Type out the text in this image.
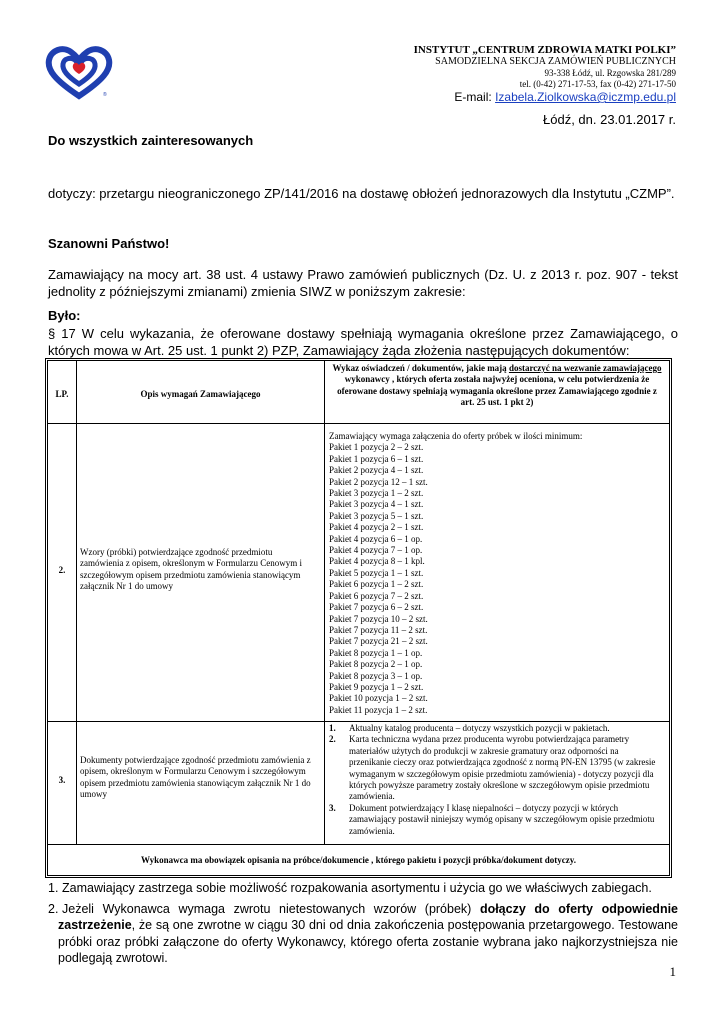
®
INSTYTUT „CENTRUM ZDROWIA MATKI POLKI”
SAMODZIELNA SEKCJA ZAMÓWIEŃ PUBLICZNYCH
93-338 Łódź, ul. Rzgowska 281/289
tel. (0-42) 271-17-53, fax (0-42) 271-17-50
E-mail: Izabela.Ziolkowska@iczmp.edu.pl
Łódź, dn. 23.01.2017 r.
Do wszystkich zainteresowanych
dotyczy: przetargu nieograniczonego ZP/141/2016 na dostawę obłożeń jednorazowych dla Instytutu „CZMP”.
Szanowni Państwo!
Zamawiający na mocy art. 38 ust. 4 ustawy Prawo zamówień publicznych (Dz. U. z 2013 r. poz. 907 - tekst jednolity z późniejszymi zmianami) zmienia SIWZ w poniższym zakresie:
Było:
§ 17 W celu wykazania, że oferowane dostawy spełniają wymagania określone przez Zamawiającego, o których mowa w Art. 25 ust. 1 punkt 2) PZP, Zamawiający żąda złożenia następujących dokumentów:
LP.	Opis wymagań Zamawiającego
Wykaz oświadczeń / dokumentów, jakie mają dostarczyć na wezwanie zamawiającego wykonawcy , których oferta została najwyżej oceniona, w celu potwierdzenia że oferowane dostawy spełniają wymagania określone przez Zamawiającego zgodnie z
art. 25 ust. 1 pkt 2)
2.
Wzory (próbki) potwierdzające zgodność przedmiotu zamówienia z opisem, określonym w Formularzu Cenowym i szczegółowym opisem przedmiotu zamówienia stanowiącym załącznik Nr 1 do umowy
Zamawiający wymaga załączenia do oferty próbek w ilości minimum:
Pakiet 1 pozycja 2 – 2 szt.
Pakiet 1 pozycja 6 – 1 szt.
Pakiet 2 pozycja 4 – 1 szt.
Pakiet 2 pozycja 12 – 1 szt.
Pakiet 3 pozycja 1 – 2 szt.
Pakiet 3 pozycja 4 – 1 szt.
Pakiet 3 pozycja 5 – 1 szt.
Pakiet 4 pozycja 2 – 1 szt.
Pakiet 4 pozycja 6 – 1 op.
Pakiet 4 pozycja 7 – 1 op.
Pakiet 4 pozycja 8 – 1 kpl.
Pakiet 5 pozycja 1 – 1 szt.
Pakiet 6 pozycja 1 – 2 szt.
Pakiet 6 pozycja 7 – 2 szt.
Pakiet 7 pozycja 6 – 2 szt.
Pakiet 7 pozycja 10 – 2 szt.
Pakiet 7 pozycja 11 – 2 szt.
Pakiet 7 pozycja 21 – 2 szt.
Pakiet 8 pozycja 1 – 1 op.
Pakiet 8 pozycja 2 – 1 op.
Pakiet 8 pozycja 3 – 1 op.
Pakiet 9 pozycja 1 – 2 szt.
Pakiet 10 pozycja 1 – 2 szt.
Pakiet 11 pozycja 1 – 2 szt.
3.
Dokumenty potwierdzające zgodność przedmiotu zamówienia z opisem, określonym w Formularzu Cenowym i szczegółowym opisem przedmiotu zamówienia stanowiącym załącznik Nr 1 do umowy
1. Aktualny katalog producenta – dotyczy wszystkich pozycji w pakietach.
2. Karta techniczna wydana przez producenta wyrobu potwierdzająca parametry materiałów użytych do produkcji w zakresie gramatury oraz odporności na przenikanie cieczy oraz potwierdzająca zgodność z normą PN-EN 13795 (w zakresie wymaganym w szczegółowym opisie przedmiotu zamówienia) - dotyczy pozycji dla których powyższe parametry zostały określone w szczegółowym opisie przedmiotu zamówienia.
3. Dokument potwierdzający I klasę niepalności – dotyczy pozycji w których zamawiający postawił niniejszy wymóg opisany w szczegółowym opisie przedmiotu zamówienia.
Wykonawca ma obowiązek opisania na próbce/dokumencie , którego pakietu i pozycji próbka/dokument dotyczy.
1. Zamawiający zastrzega sobie możliwość rozpakowania asortymentu i użycia go we właściwych zabiegach.
2. Jeżeli Wykonawca wymaga zwrotu nietestowanych wzorów (próbek) dołączy do oferty odpowiednie zastrzeżenie, że są one zwrotne w ciągu 30 dni od dnia zakończenia postępowania przetargowego. Testowane próbki oraz próbki załączone do oferty Wykonawcy, którego oferta zostanie wybrana jako najkorzystniejsza nie podlegają zwrotowi.
1
